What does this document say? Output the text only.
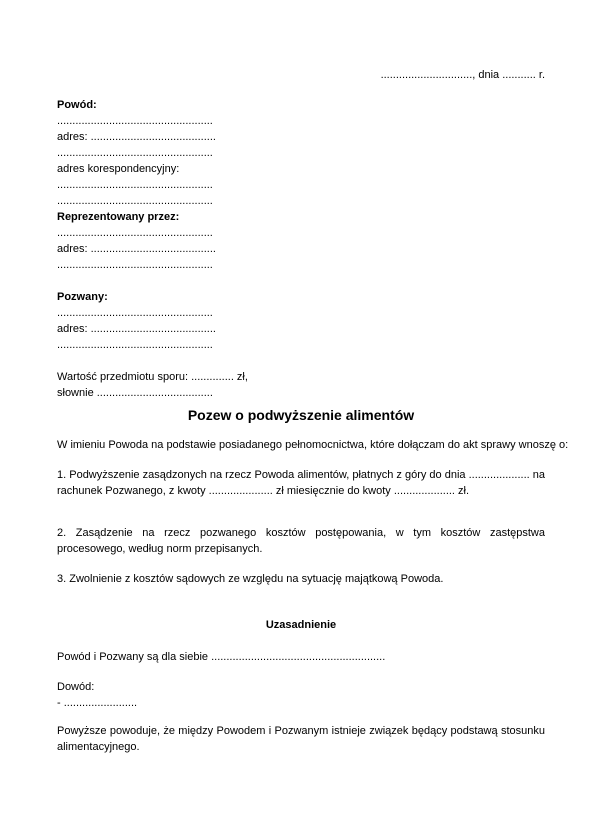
.............................., dnia ........... r.
Powód:
...................................................
adres: .........................................
...................................................
adres korespondencyjny:
...................................................
...................................................
Reprezentowany przez:
...................................................
adres: .........................................
...................................................
Pozwany:
...................................................
adres: .........................................
...................................................
Wartość przedmiotu sporu: .............. zł,
słownie ......................................
Pozew o podwyższenie alimentów
W imieniu Powoda na podstawie posiadanego pełnomocnictwa, które dołączam do akt sprawy wnoszę o:
1. Podwyższenie zasądzonych na rzecz Powoda alimentów, płatnych z góry do dnia .................... na rachunek Pozwanego, z kwoty ..................... zł miesięcznie do kwoty .................... zł.
2. Zasądzenie na rzecz pozwanego kosztów postępowania, w tym kosztów zastępstwa procesowego, według norm przepisanych.
3. Zwolnienie z kosztów sądowych ze względu na sytuację majątkową Powoda.
Uzasadnienie
Powód i Pozwany są dla siebie .........................................................
Dowód:
- ........................
Powyższe powoduje, że między Powodem i Pozwanym istnieje związek będący podstawą stosunku alimentacyjnego.
